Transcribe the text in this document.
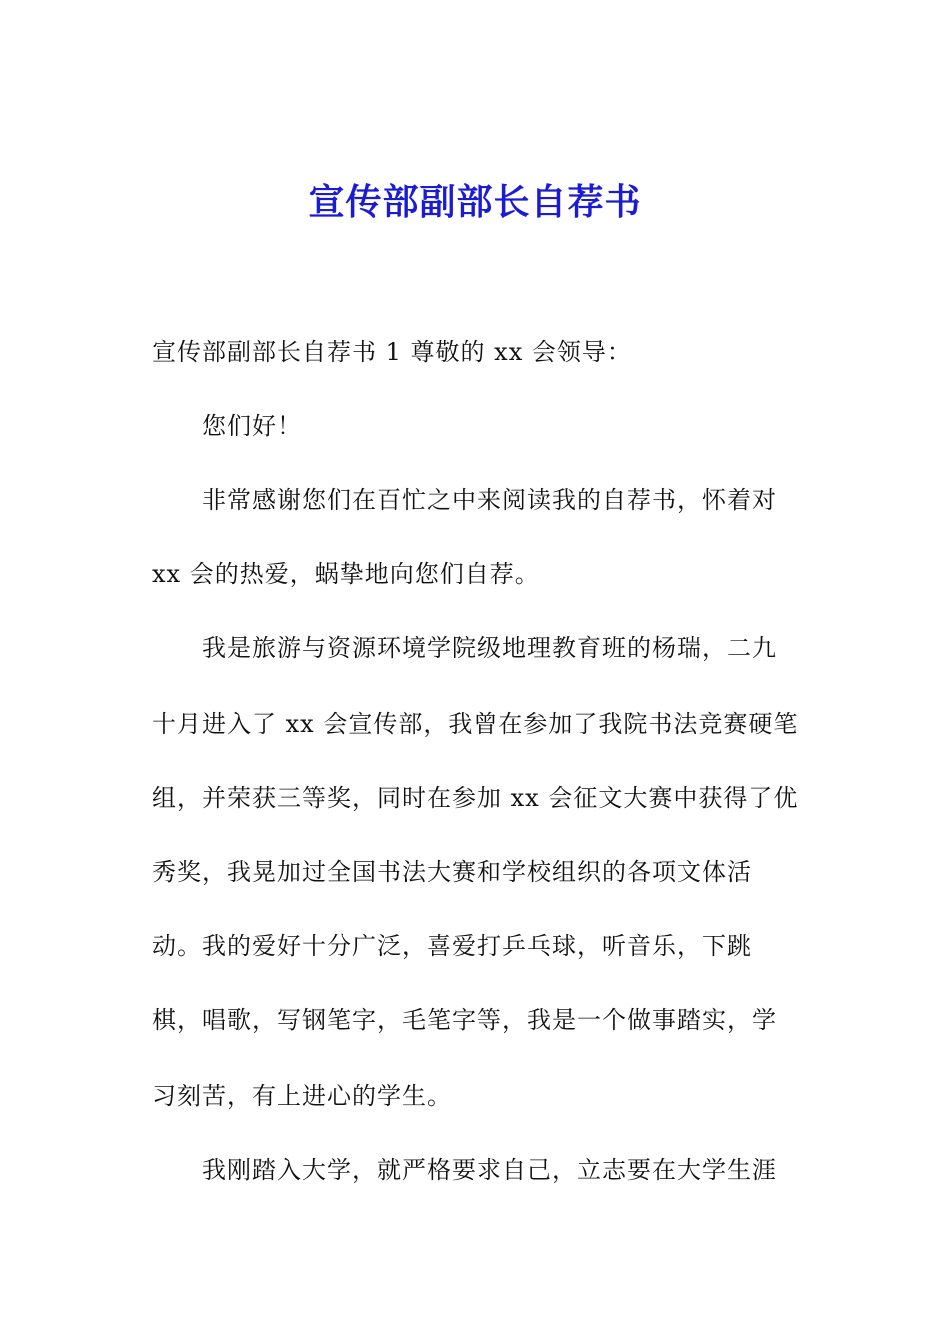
宣传部副部长自荐书
宣传部副部长自荐书 1 尊敬的 xx 会领导：
您们好！
非常感谢您们在百忙之中来阅读我的自荐书，怀着对
xx 会的热爱，蜗挚地向您们自荐。
我是旅游与资源环境学院级地理教育班的杨瑞，二九
十月进入了 xx 会宣传部，我曾在参加了我院书法竞赛硬笔
组，并荣获三等奖，同时在参加 xx 会征文大赛中获得了优
秀奖，我晃加过全国书法大赛和学校组织的各项文体活
动。我的爱好十分广泛，喜爱打乒乓球，听音乐，下跳
棋，唱歌，写钢笔字，毛笔字等，我是一个做事踏实，学
习刻苦，有上进心的学生。
我刚踏入大学，就严格要求自己，立志要在大学生涯
